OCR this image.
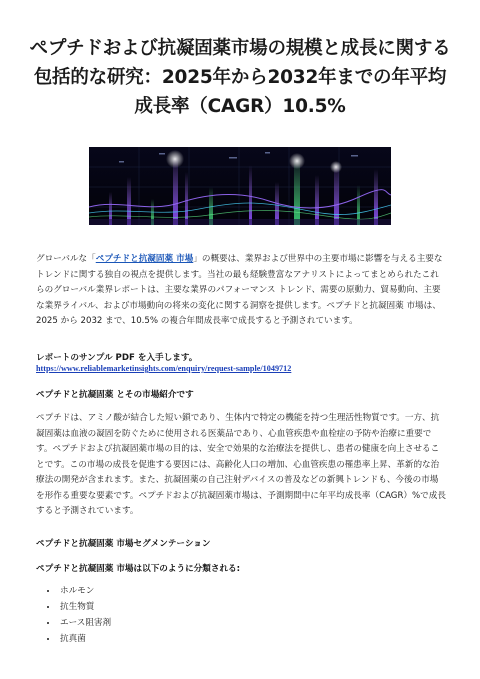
ペプチドおよび抗凝固薬市場の規模と成長に関する包括的な研究：2025年から2032年までの年平均成長率（CAGR）10.5%
グローバルな「ペプチドと抗凝固薬 市場」の概要は、業界および世界中の主要市場に影響を与える主要なトレンドに関する独自の視点を提供します。当社の最も経験豊富なアナリストによってまとめられたこれらのグローバル業界レポートは、主要な業界のパフォーマンス トレンド、需要の原動力、貿易動向、主要な業界ライバル、および市場動向の将来の変化に関する洞察を提供します。ペプチドと抗凝固薬 市場は、2025 から 2032 まで、10.5% の複合年間成長率で成長すると予測されています。
レポートのサンプル PDF を入手します。
https://www.reliablemarketinsights.com/enquiry/request-sample/1049712
ペプチドと抗凝固薬 とその市場紹介です
ペプチドは、アミノ酸が結合した短い鎖であり、生体内で特定の機能を持つ生理活性物質です。一方、抗凝固薬は血液の凝固を防ぐために使用される医薬品であり、心血管疾患や血栓症の予防や治療に重要です。ペプチドおよび抗凝固薬市場の目的は、安全で効果的な治療法を提供し、患者の健康を向上させることです。この市場の成長を促進する要因には、高齢化人口の増加、心血管疾患の罹患率上昇、革新的な治療法の開発が含まれます。また、抗凝固薬の自己注射デバイスの普及などの新興トレンドも、今後の市場を形作る重要な要素です。ペプチドおよび抗凝固薬市場は、予測期間中に年平均成長率（CAGR）%で成長すると予測されています。
ペプチドと抗凝固薬 市場セグメンテーション
ペプチドと抗凝固薬 市場は以下のように分類される:
• ホルモン
• 抗生物質
• エース阻害剤
• 抗真菌
